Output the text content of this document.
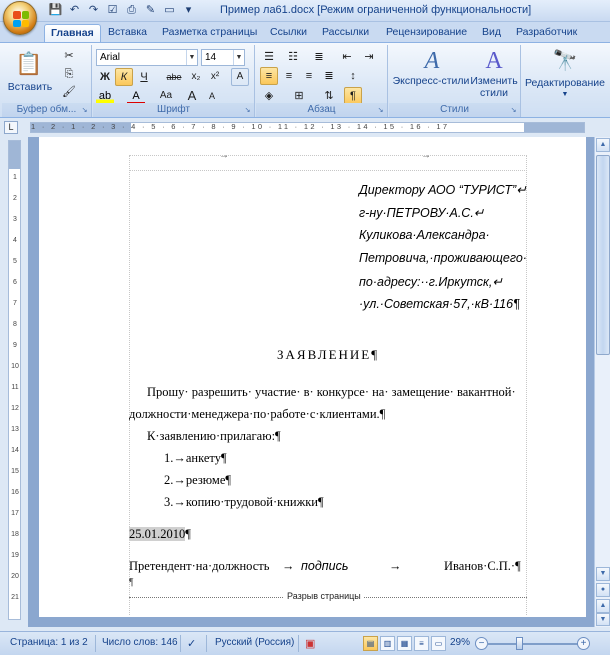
💾 ↶ ↷ ☑ ⎙ ✎ ▭	▾	Пример ла61.docx [Режим ограниченной функциональности]
Главная	Вставка	Разметка страницы	Ссылки	Рассылки	Рецензирование	Вид	Разработчик
📋
Вставить
✂
⎘
🖌
Буфер обм... ↘
Arial	▼ 14	▼
Ж К	Ч	abe	x₂	x²	A
ab	A	Aa	A	A
Шрифт	↘
☰	☷	≣	⇤	⇥
≡	≡	≡	≣	↕
◈	⊞	⇅	¶
Абзац	↘
A
Экспресс-стили
A
Изменить
стили
Стили	↘
🔭
Редактирование
▼
L	1 · 2 · 1 · 2 · 3 · 4 · 5 · 6 · 7 · 8 · 9 · 10 · 11 · 12 · 13 · 14 · 15 · 16 · 17
1
2
3
4
5
6
7
8
9
10
11
12
13
14
15
16
17
18
19
20
21
→	→
Директору АОО “ТУРИСТ”↵
г-ну·ПЕТРОВУ·А.С.↵
Куликова·Александра·
Петровича,·проживающего·
по·адресу:··г.Иркутск,↵
·ул.·Советская·57,·кВ·116¶
ЗАЯВЛЕНИЕ¶
Прошу· разрешить· участие· в· конкурсе· на· замещение· вакантной·
должности·менеджера·по·работе·с·клиентами.¶
К·заявлению·прилагаю:¶
1.→анкету¶
2.→резюме¶
3.→копию·трудовой·книжки¶
25.01.2010¶
Претендент·на·должность → подпись	→	Иванов·С.П.·¶
¶
Разрыв страницы
▲
▼
●
▲
▼
Страница: 1 из 2 Число слов: 146 ✓ Русский (Россия) ▣	▤	▥	▦	≡	▭ 29% −	+
